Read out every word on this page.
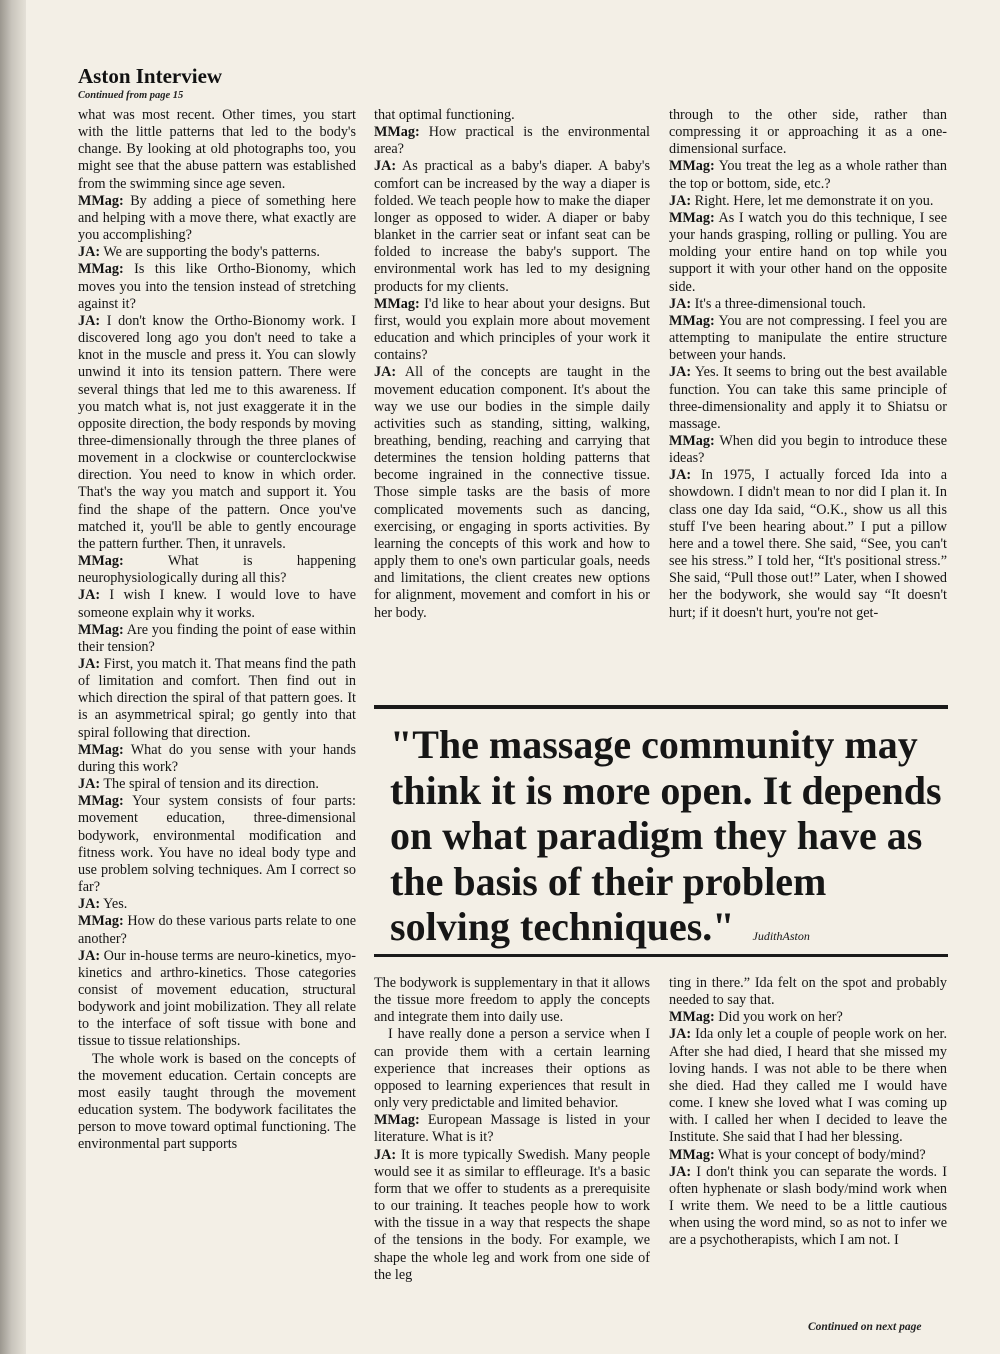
Aston Interview
Continued from page 15

what was most recent. Other times, you start with the little patterns that led to the body's change. By looking at old photographs too, you might see that the abuse pattern was established from the swimming since age seven.

MMag: By adding a piece of something here and helping with a move there, what exactly are you accomplishing?

JA: We are supporting the body's patterns.

MMag: Is this like Ortho-Bionomy, which moves you into the tension instead of stretching against it?

JA: I don't know the Ortho-Bionomy work. I discovered long ago you don't need to take a knot in the muscle and press it. You can slowly unwind it into its tension pattern. There were several things that led me to this awareness. If you match what is, not just exaggerate it in the opposite direction, the body responds by moving three-dimensionally through the three planes of movement in a clockwise or counterclockwise direction. You need to know in which order. That's the way you match and support it. You find the shape of the pattern. Once you've matched it, you'll be able to gently encourage the pattern further. Then, it unravels.

MMag:	What is happening neurophysiologically during all this?

JA: I wish I knew. I would love to have someone explain why it works.

MMag: Are you finding the point of ease within their tension?

JA: First, you match it. That means find the path of limitation and comfort. Then find out in which direction the spiral of that pattern goes. It is an asymmetrical spiral; go gently into that spiral following that direction.

MMag: What do you sense with your hands during this work?

JA: The spiral of tension and its direction.

MMag: Your system consists of four parts: movement education, three-dimensional bodywork, environmental modification and fitness work. You have no ideal body type and use problem solving techniques. Am I correct so far?

JA: Yes.

MMag: How do these various parts relate to one another?

JA: Our in-house terms are neuro-kinetics, myo-kinetics and arthro-kinetics. Those categories consist of movement education, structural bodywork and joint mobilization. They all relate to the interface of soft tissue with bone and tissue to tissue relationships.

The whole work is based on the concepts of the movement education. Certain concepts are most easily taught through the movement education system. The bodywork facilitates the person to move toward optimal functioning. The environmental part supports

that optimal functioning.

MMag: How practical is the environmental area?

JA: As practical as a baby's diaper. A baby's comfort can be increased by the way a diaper is folded. We teach people how to make the diaper longer as opposed to wider. A diaper or baby blanket in the carrier seat or infant seat can be folded to increase the baby's support. The environmental work has led to my designing products for my clients.

MMag: I'd like to hear about your designs. But first, would you explain more about movement education and which principles of your work it contains?

JA: All of the concepts are taught in the movement education component. It's about the way we use our bodies in the simple daily activities such as standing, sitting, walking, breathing, bending, reaching and carrying that determines the tension holding patterns that become ingrained in the connective tissue. Those simple tasks are the basis of more complicated movements such as dancing, exercising, or engaging in sports activities. By learning the concepts of this work and how to apply them to one's own particular goals, needs and limitations, the client creates new options for alignment, movement and comfort in his or her body.

through to the other side, rather than compressing it or approaching it as a one-dimensional surface.

MMag: You treat the leg as a whole rather than the top or bottom, side, etc.?

JA: Right. Here, let me demonstrate it on you.

MMag: As I watch you do this technique, I see your hands grasping, rolling or pulling. You are molding your entire hand on top while you support it with your other hand on the opposite side.

JA: It's a three-dimensional touch.

MMag: You are not compressing. I feel you are attempting to manipulate the entire structure between your hands.

JA: Yes. It seems to bring out the best available function. You can take this same principle of three-dimensionality and apply it to Shiatsu or massage.

MMag: When did you begin to introduce these ideas?

JA: In 1975, I actually forced Ida into a showdown. I didn't mean to nor did I plan it. In class one day Ida said, “O.K., show us all this stuff I've been hearing about.” I put a pillow here and a towel there. She said, “See, you can't see his stress.” I told her, “It's positional stress.” She said, “Pull those out!” Later, when I showed her the bodywork, she would say “It doesn't hurt; if it doesn't hurt, you're not get-

"The massage community may think it is more open. It depends on what paradigm they have as the basis of their problem solving techniques." JudithAston

The bodywork is supplementary in that it allows the tissue more freedom to apply the concepts and integrate them into daily use.

I have really done a person a service when I can provide them with a certain learning experience that increases their options as opposed to learning experiences that result in only very predictable and limited behavior.

MMag: European Massage is listed in your literature. What is it?

JA: It is more typically Swedish. Many people would see it as similar to effleurage. It's a basic form that we offer to students as a prerequisite to our training. It teaches people how to work with the tissue in a way that respects the shape of the tensions in the body. For example, we shape the whole leg and work from one side of the leg

ting in there.” Ida felt on the spot and probably needed to say that.

MMag: Did you work on her?

JA: Ida only let a couple of people work on her. After she had died, I heard that she missed my loving hands. I was not able to be there when she died. Had they called me I would have come. I knew she loved what I was coming up with. I called her when I decided to leave the Institute. She said that I had her blessing.

MMag: What is your concept of body/mind?

JA: I don't think you can separate the words. I often hyphenate or slash body/mind work when I write them. We need to be a little cautious when using the word mind, so as not to infer we are a psychotherapists, which I am not. I

Continued on next page
